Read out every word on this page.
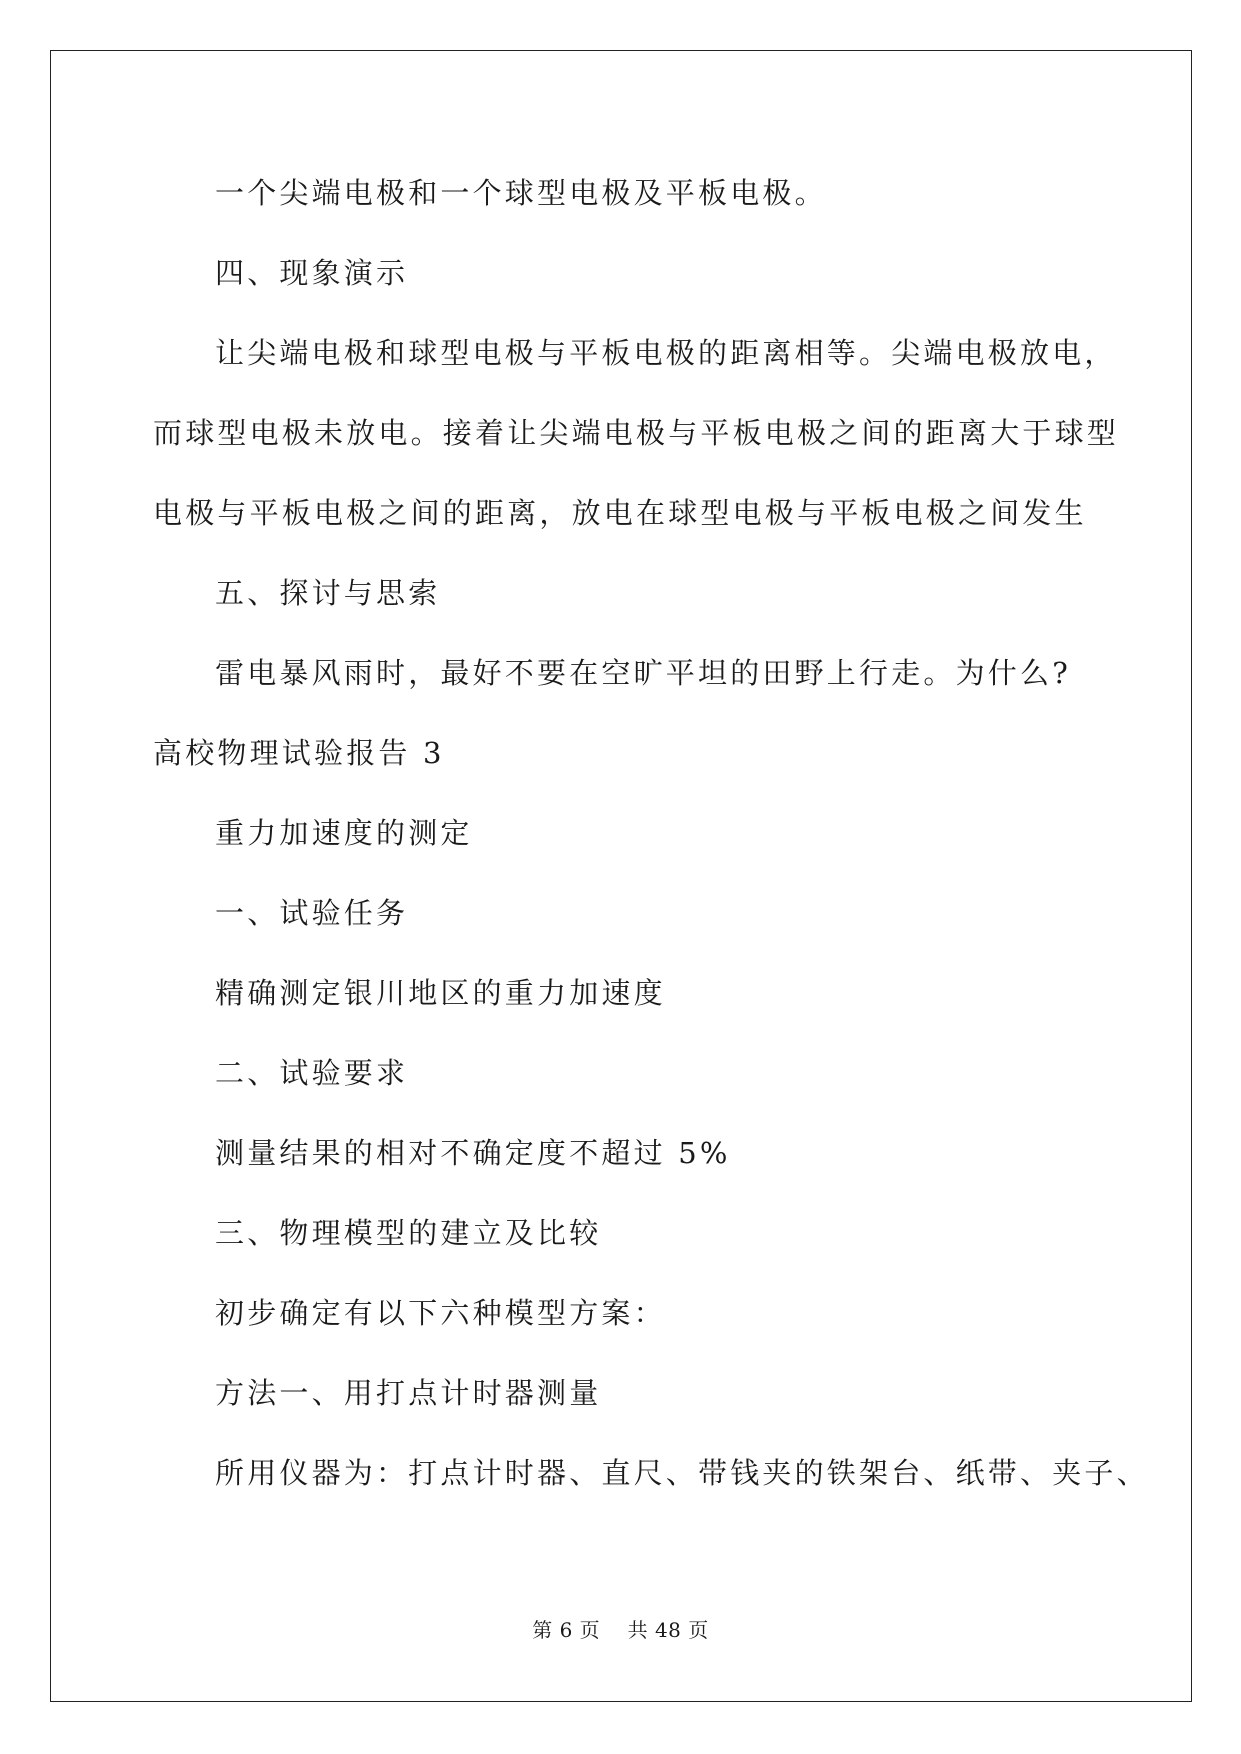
一个尖端电极和一个球型电极及平板电极。
四、现象演示
让尖端电极和球型电极与平板电极的距离相等。尖端电极放电，
而球型电极未放电。接着让尖端电极与平板电极之间的距离大于球型
电极与平板电极之间的距离，放电在球型电极与平板电极之间发生
五、探讨与思索
雷电暴风雨时，最好不要在空旷平坦的田野上行走。为什么?
高校物理试验报告 3
重力加速度的测定
一、试验任务
精确测定银川地区的重力加速度
二、试验要求
测量结果的相对不确定度不超过 5%
三、物理模型的建立及比较
初步确定有以下六种模型方案：
方法一、用打点计时器测量
所用仪器为：打点计时器、直尺、带钱夹的铁架台、纸带、夹子、
第 6 页    共 48 页
